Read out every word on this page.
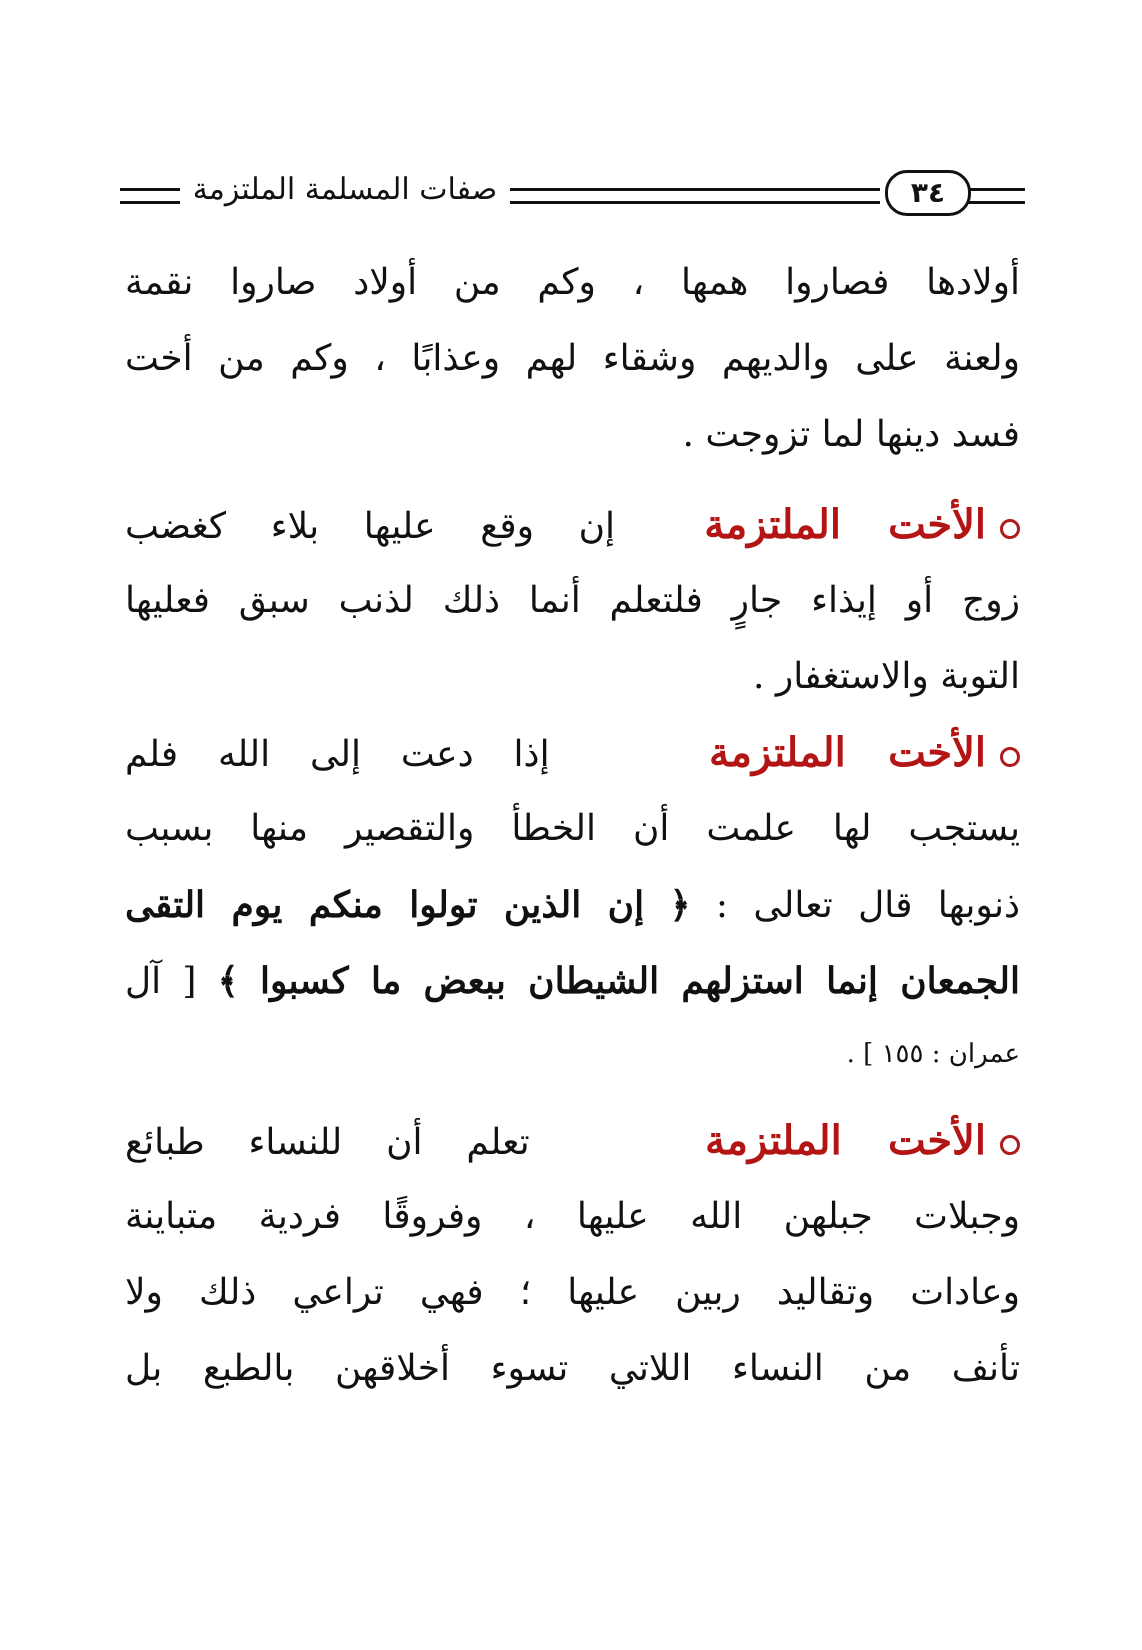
صفات المسلمة الملتزمة	٣٤
أولادها فصاروا همها ، وكم من أولاد صاروا نقمة
ولعنة على والديهم وشقاء لهم وعذابًا ، وكم من أخت
فسد دينها لما تزوجت .
الأخت الملتزمة  إن وقع عليها بلاء كغضب
زوج أو إيذاء جارٍ فلتعلم أنما ذلك لذنب سبق فعليها
التوبة والاستغفار .
الأخت الملتزمة    إذا دعت إلى الله فلم
يستجب لها علمت أن الخطأ والتقصير منها بسبب
ذنوبها قال تعالى : ﴿ إن الذين تولوا منكم يوم التقى
الجمعان إنما استزلهم الشيطان ببعض ما كسبوا ﴾ [ آل
عمران : ١٥٥ ] .
الأخت الملتزمة    تعلم أن للنساء طبائع
وجبلات جبلهن الله عليها ، وفروقًا فردية متباينة
وعادات وتقاليد ربين عليها ؛ فهي تراعي ذلك ولا
تأنف من النساء اللاتي تسوء أخلاقهن بالطبع بل
